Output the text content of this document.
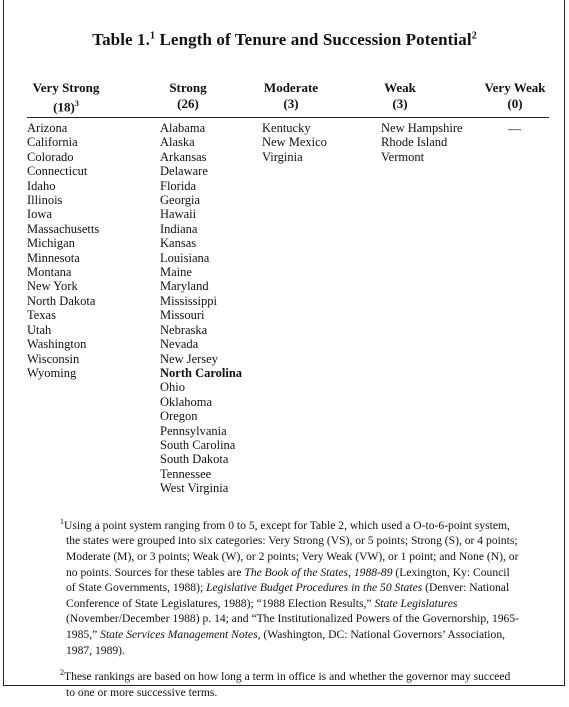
Table 1.$^1$ Length of Tenure and Succession Potential$^2$
Very Strong
$(18)^3$
Strong
(26)
Moderate
(3)
Weak
(3)
Very Weak
(0)
Arizona
California
Colorado
Connecticut
Idaho
Illinois
Iowa
Massachusetts
Michigan
Minnesota
Montana
New York
North Dakota
Texas
Utah
Washington
Wisconsin
Wyoming
Alabama
Alaska
Arkansas
Delaware
Florida
Georgia
Hawaii
Indiana
Kansas
Louisiana
Maine
Maryland
Mississippi
Missouri
Nebraska
Nevada
New Jersey
North Carolina
Ohio
Oklahoma
Oregon
Pennsylvania
South Carolina
South Dakota
Tennessee
West Virginia
Kentucky
New Mexico
Virginia
New Hampshire
Rhode Island
Vermont
—

$^1$Using a point system ranging from 0 to 5, except for Table 2, which used a O-to-6-point system, the states were grouped into six categories: Very Strong (VS), or 5 points; Strong (S), or 4 points; Moderate (M), or 3 points; Weak (W), or 2 points; Very Weak (VW), or 1 point; and None (N), or no points. Sources for these tables are The Book of the States, 1988-89 (Lexington, Ky: Council of State Governments, 1988); Legislative Budget Procedures in the 50 States (Denver: National Conference of State Legislatures, 1988); “1988 Election Results,” State Legislatures (November/December 1988) p. 14; and “The Institutionalized Powers of the Governorship, 1965-1985,” State Services Management Notes, (Washington, DC: National Governors’ Association, 1987, 1989).

$^2$These rankings are based on how long a term in office is and whether the governor may succeed to one or more successive terms.
